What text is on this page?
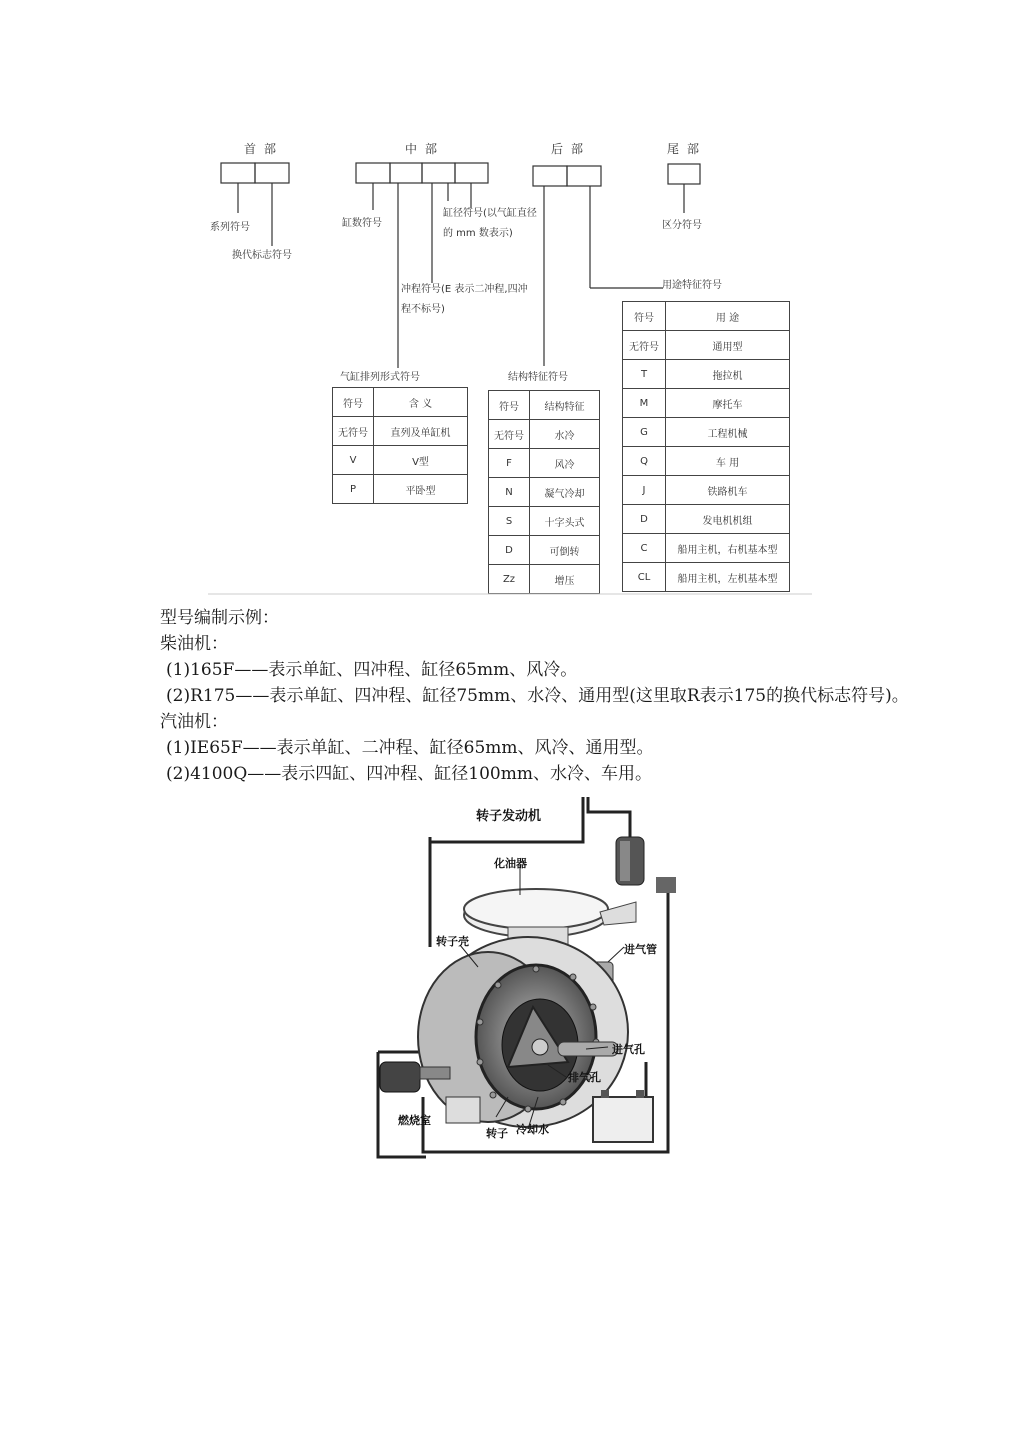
首部	中部	后部	尾部
系列符号
换代标志符号
缸数符号
缸径符号(以气缸直径的 mm 数表示)
冲程符号(E 表示二冲程,四冲程不标号)
用途特征符号
气缸排列形式符号	结构特征符号
区分符号
符号	含 义
无符号	直列及单缸机
V	V型
P	平卧型
符号	结构特征
无符号	水冷
F	风冷
N	凝气冷却
S	十字头式
D	可倒转
Zz	增压
符号	用 途
无符号	通用型
T	拖拉机
M	摩托车
G	工程机械
Q	车 用
J	铁路机车
D	发电机机组
C	船用主机，右机基本型
CL	船用主机，左机基本型
型号编制示例：
柴油机：
(1)165F——表示单缸、四冲程、缸径65mm、风冷。
(2)R175——表示单缸、四冲程、缸径75mm、水冷、通用型(这里取R表示175的换代标志符号)。
汽油机：
(1)IE65F——表示单缸、二冲程、缸径65mm、风冷、通用型。
(2)4100Q——表示四缸、四冲程、缸径100mm、水冷、车用。
转子发动机
化油器
转子壳
进气管
进气孔
排气孔
燃烧室
转子 冷却水
